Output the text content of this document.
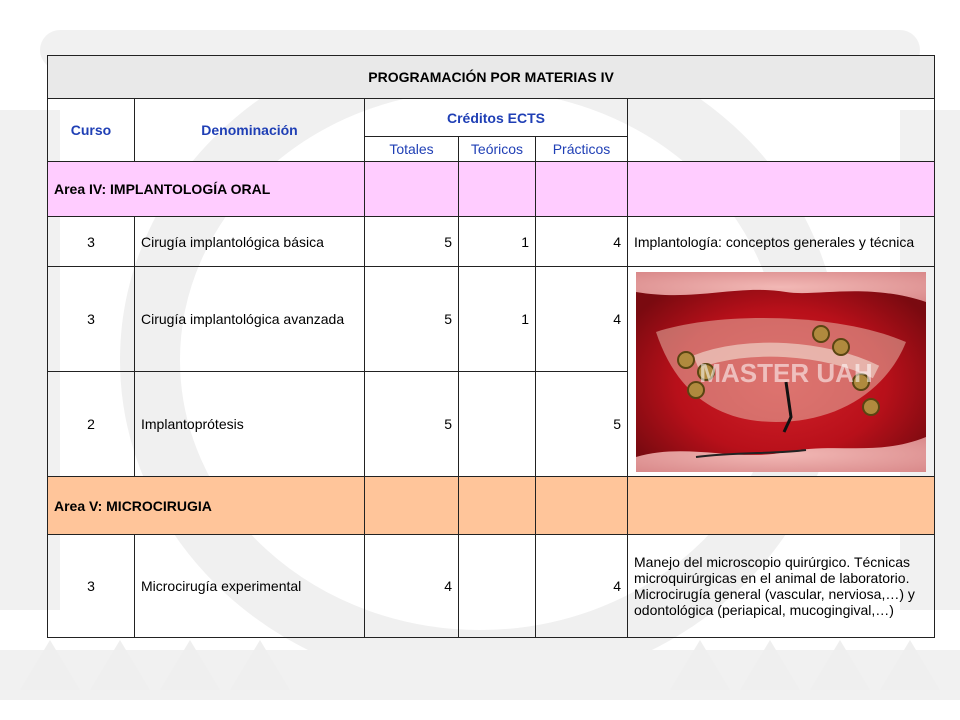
PROGRAMACIÓN POR MATERIAS IV					
Curso	Denominación	Créditos ECTS			
		Totales	Teóricos	Prácticos	
Area IV: IMPLANTOLOGÍA ORAL					
3	Cirugía implantológica básica	5	1	4	Implantología: conceptos generales y técnica
3	Cirugía implantológica avanzada	5	1	4	MASTER UAH

2	Implantoprótesis	5		5	
Area V: MICROCIRUGIA					
3	Microcirugía experimental	4		4	Manejo del microscopio quirúrgico. Técnicas microquirúrgicas en el animal de laboratorio. Microcirugía general (vascular, nerviosa,…) y odontológica (periapical, mucogingival,…)
